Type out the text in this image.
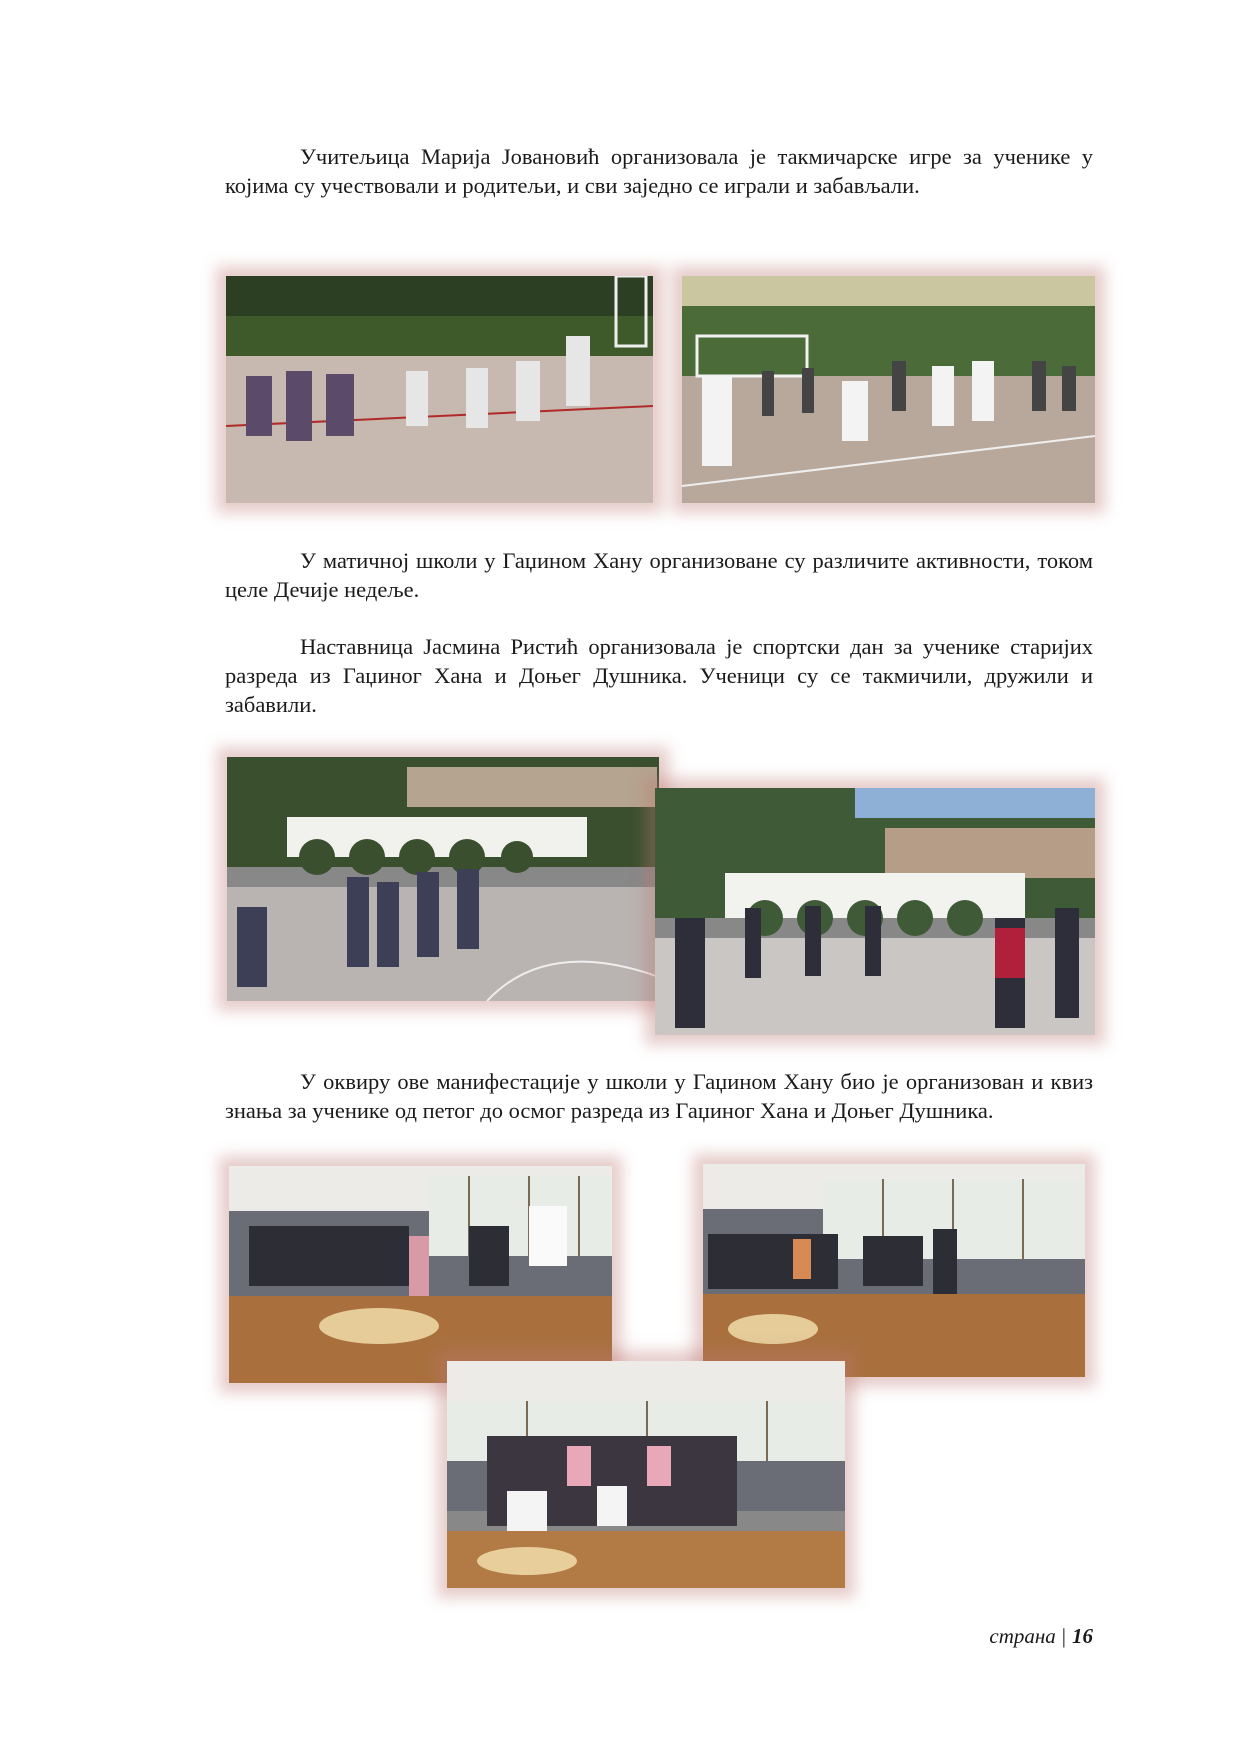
Учитељица Марија Јовановић организовала је такмичарске игре за ученике у којима су учествовали и родитељи, и сви заједно се играли и забављали.

У матичној школи у Гаџином Хану организоване су различите активности, током целе Дечије недеље.

Наставница Јасмина Ристић организовала је спортски дан за ученике старијих разреда из Гаџиног Хана и Доњег Душника. Ученици су се такмичили, дружили и забавили.

У оквиру ове манифестације у школи у Гаџином Хану био је организован и квиз знања за ученике од петог до осмог разреда из Гаџиног Хана и Доњег Душника.

страна | 16
